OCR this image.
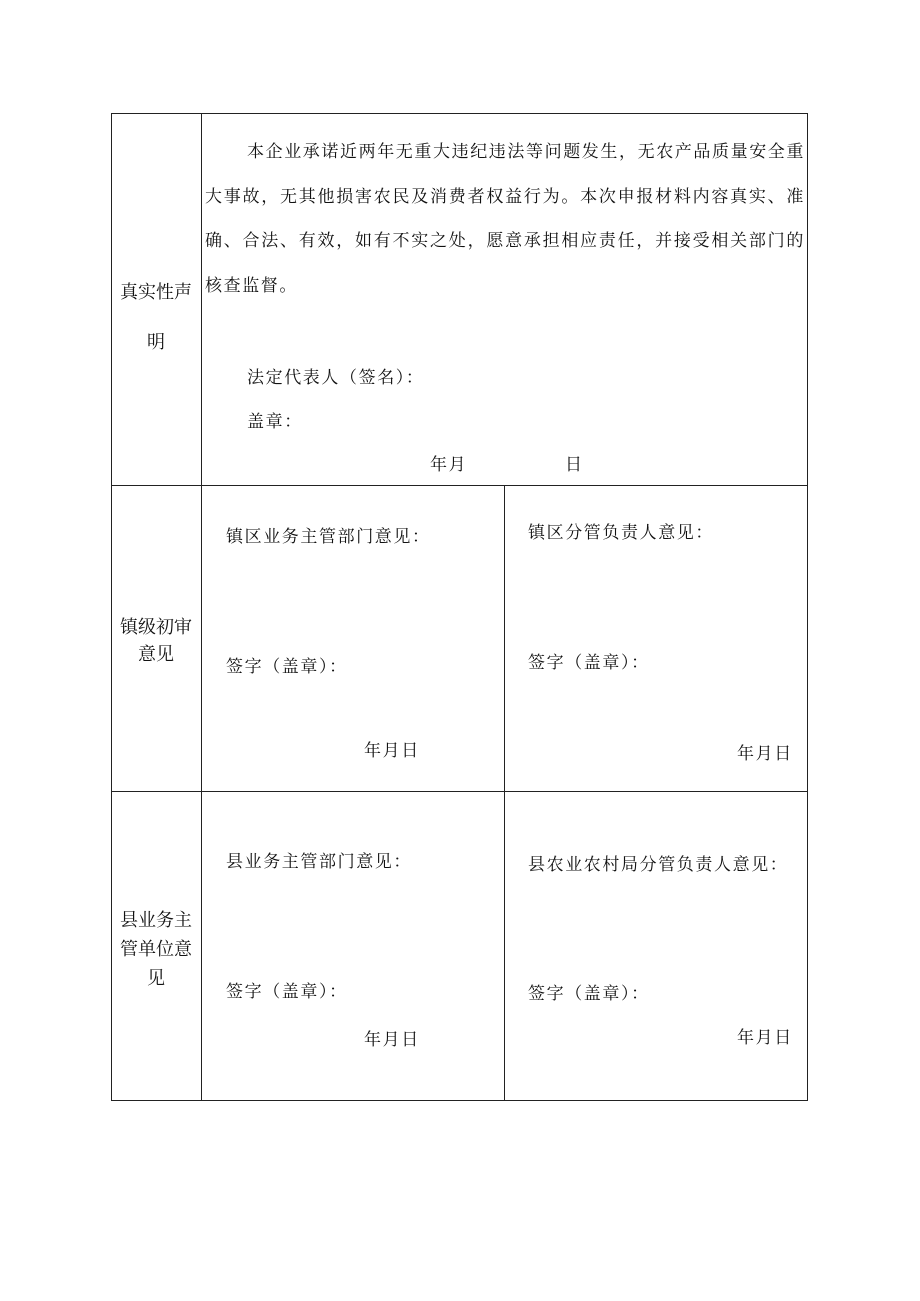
真实性声
明

本企业承诺近两年无重大违纪违法等问题发生，无农产品质量安全重大事故，无其他损害农民及消费者权益行为。本次申报材料内容真实、准确、合法、有效，如有不实之处，愿意承担相应责任，并接受相关部门的核查监督。

法定代表人（签名）：
盖章：
年月	日
镇级初审
意见
镇区业务主管部门意见：
签字（盖章）：
年月日
镇区分管负责人意见：
签字（盖章）：
年月日
县业务主
管单位意
见
县业务主管部门意见：
签字（盖章）：
年月日
县农业农村局分管负责人意见：
签字（盖章）：
年月日
